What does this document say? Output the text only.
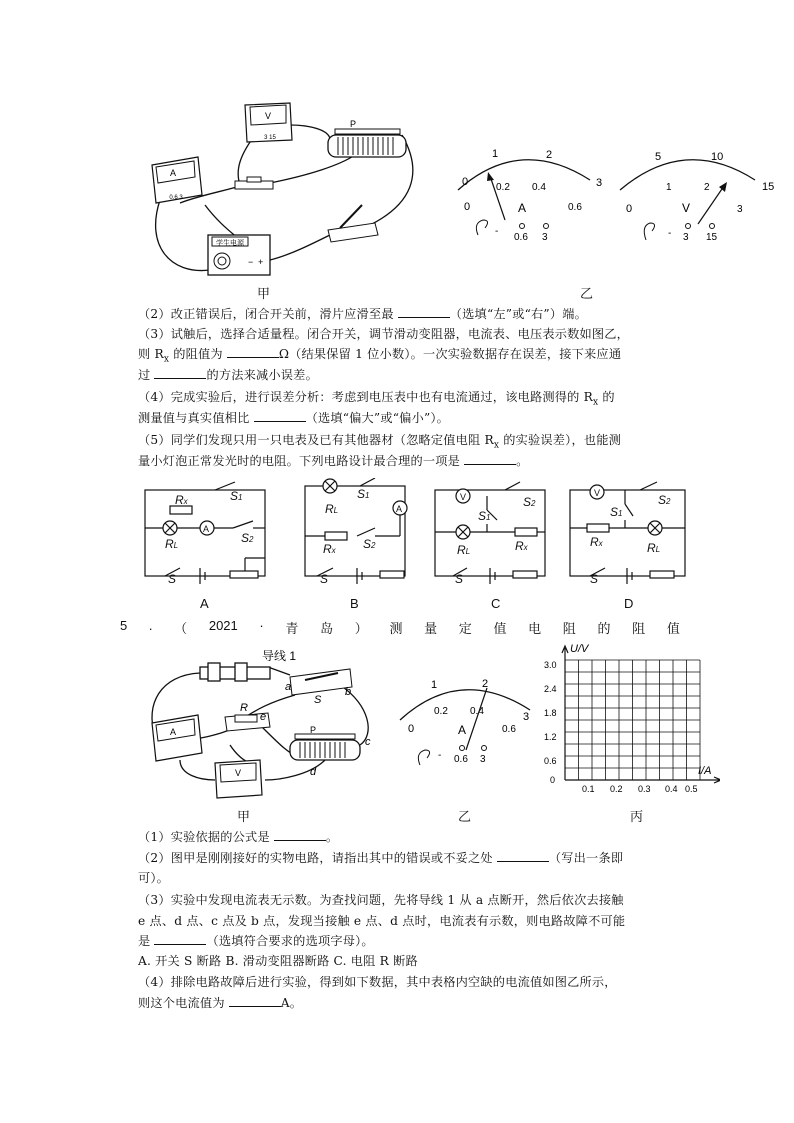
A
0.6 3
V
3 15
P
学生电源
− +
0
1	2
3
0
0.2 0.4
0.6
A
-
0.6 3
0
5	10
15
1	2
3
V
- 3 15
甲	乙
（2）改正错误后，闭合开关前，滑片应滑至最	（选填“左”或“右”）端。
（3）试触后，选择合适量程。闭合开关，调节滑动变阻器，电流表、电压表示数如图乙，
则 $R_x$ 的阻值为	Ω（结果保留 1 位小数）。一次实验数据存在误差，接下来应通
过	的方法来减小误差。
（4）完成实验后，进行误差分析：考虑到电压表中也有电流通过，该电路测得的 $R_x$ 的
测量值与真实值相比	（选填“偏大”或“偏小”）。
（5）同学们发现只用一只电表及已有其他器材（忽略定值电阻 $R_x$ 的实验误差），也能测
量小灯泡正常发光时的电阻。下列电路设计最合理的一项是	。
Rx	S1
RL
S2
S
A
RL
S1
Rx S2
S
A
V	S2
S1
RL	Rx
S
V	S2
S1
Rx	RL
S
A	B	C	D
5 . （ 2021 · 青 岛 ） 测 量 定 值 电 阻 的 阻 值
导线 1
S
A
R
P
V
a	b
c
d
e
0
1	2
3
0.2 0.4
0.6
A
- 0.6 3
U/V
I/A
0
0.6
1.2
1.8
2.4
3.0
0.1 0.2 0.3 0.4 0.5
甲	乙	丙
（1）实验依据的公式是	。
（2）图甲是刚刚接好的实物电路，请指出其中的错误或不妥之处	（写出一条即
可）。
（3）实验中发现电流表无示数。为查找问题，先将导线 1 从 a 点断开，然后依次去接触
e 点、d 点、c 点及 b 点，发现当接触 e 点、d 点时，电流表有示数，则电路故障不可能
是	（选填符合要求的选项字母）。
A. 开关 S 断路 B. 滑动变阻器断路 C. 电阻 R 断路
（4）排除电路故障后进行实验，得到如下数据，其中表格内空缺的电流值如图乙所示，
则这个电流值为	A。
